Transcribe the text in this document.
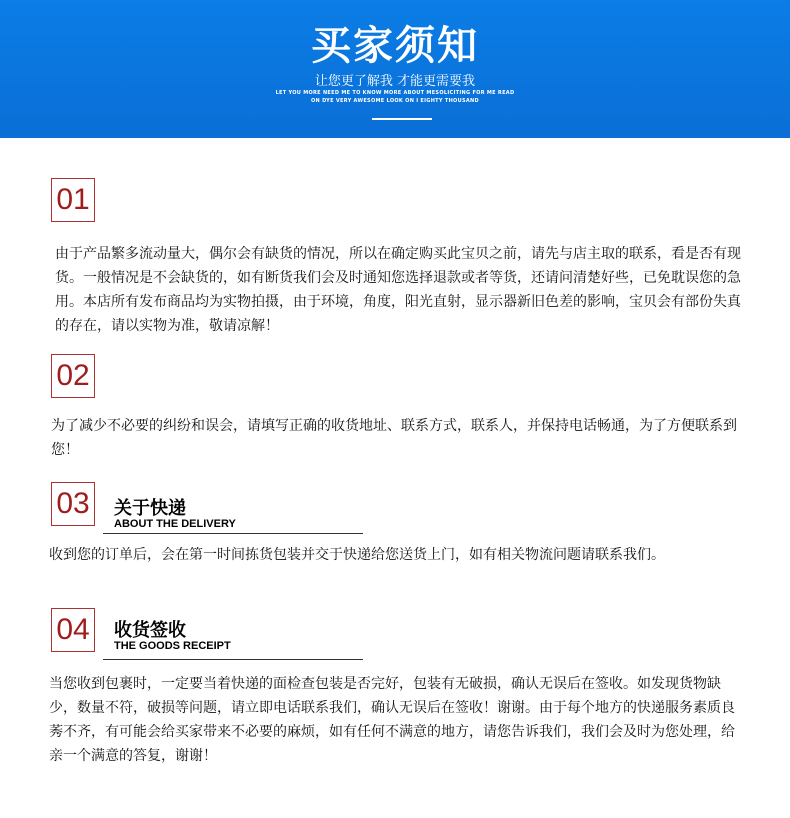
买家须知
让您更了解我 才能更需要我
LET YOU MORE NEED ME TO KNOW MORE ABOUT MESOLICITING FOR ME READ
ON DYE VERY AWESOME LOOK ON I EIGHTY THOUSAND
01
由于产品繁多流动量大，偶尔会有缺货的情况，所以在确定购买此宝贝之前，请先与店主取的联系，看是否有现货。一般情况是不会缺货的，如有断货我们会及时通知您选择退款或者等货，还请问清楚好些，已免耽误您的急用。本店所有发布商品均为实物拍摄，由于环境，角度，阳光直射，显示器新旧色差的影响，宝贝会有部份失真的存在，请以实物为准，敬请凉解！
02
为了减少不必要的纠纷和误会，请填写正确的收货地址、联系方式，联系人，并保持电话畅通，为了方便联系到您！
03 关于快递
ABOUT THE DELIVERY
收到您的订单后，会在第一时间拣货包装并交于快递给您送货上门，如有相关物流问题请联系我们。
04 收货签收
THE GOODS RECEIPT
当您收到包裹时，一定要当着快递的面检查包装是否完好，包装有无破损，确认无误后在签收。如发现货物缺少，数量不符，破损等问题，请立即电话联系我们，确认无误后在签收！谢谢。由于每个地方的快递服务素质良莠不齐，有可能会给买家带来不必要的麻烦，如有任何不满意的地方，请您告诉我们，我们会及时为您处理，给亲一个满意的答复，谢谢！
